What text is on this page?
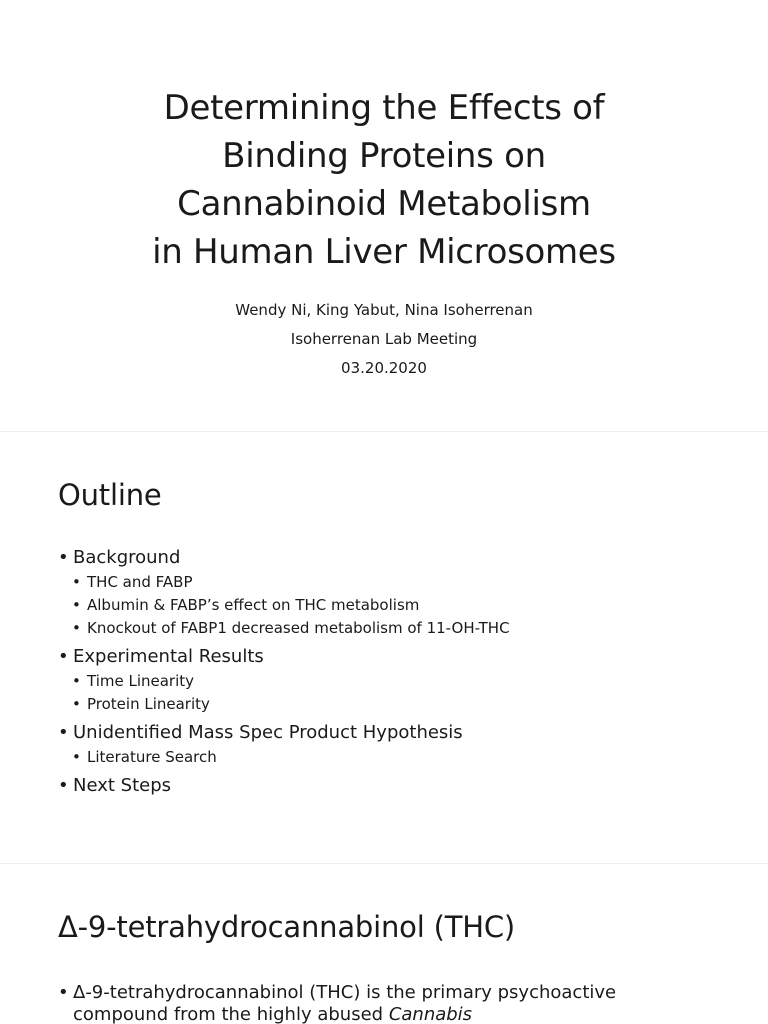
Determining the Effects of
Binding Proteins on
Cannabinoid Metabolism
in Human Liver Microsomes
Wendy Ni, King Yabut, Nina Isoherrenan
Isoherrenan Lab Meeting
03.20.2020
Outline
• Background
• THC and FABP
• Albumin & FABP’s effect on THC metabolism
• Knockout of FABP1 decreased metabolism of 11-OH-THC
• Experimental Results
• Time Linearity
• Protein Linearity
• Unidentified Mass Spec Product Hypothesis
• Literature Search
• Next Steps
Δ-9-tetrahydrocannabinol (THC)
• Δ-9-tetrahydrocannabinol (THC) is the primary psychoactive compound from the highly abused Cannabis
